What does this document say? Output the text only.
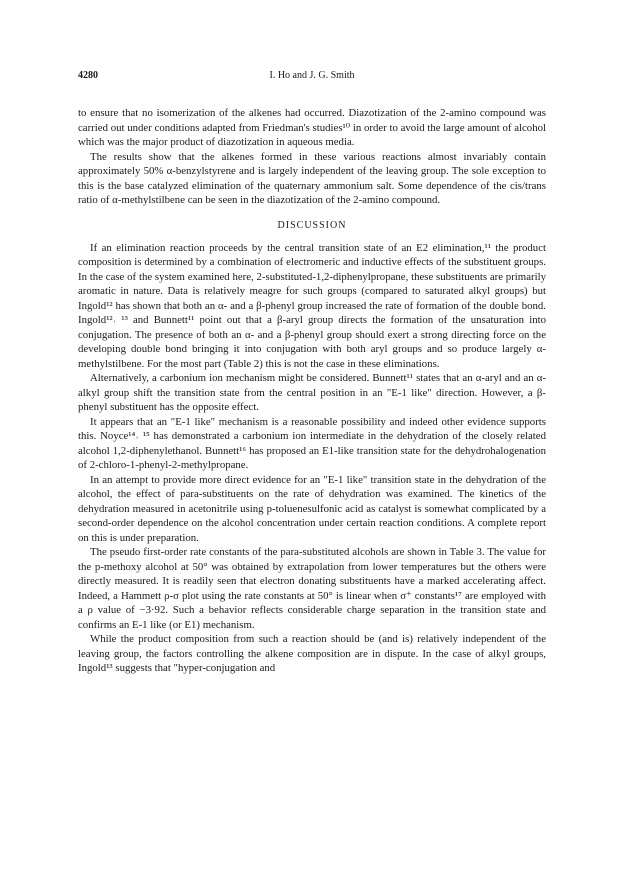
4280	I. Ho and J. G. Smith

to ensure that no isomerization of the alkenes had occurred. Diazotization of the 2-amino compound was carried out under conditions adapted from Friedman's studies¹⁰ in order to avoid the large amount of alcohol which was the major product of diazotization in aqueous media.

The results show that the alkenes formed in these various reactions almost invariably contain approximately 50% α-benzylstyrene and is largely independent of the leaving group. The sole exception to this is the base catalyzed elimination of the quaternary ammonium salt. Some dependence of the cis/trans ratio of α-methylstilbene can be seen in the diazotization of the 2-amino compound.

DISCUSSION

If an elimination reaction proceeds by the central transition state of an E2 elimination,¹¹ the product composition is determined by a combination of electromeric and inductive effects of the substituent groups. In the case of the system examined here, 2-substituted-1,2-diphenylpropane, these substituents are primarily aromatic in nature. Data is relatively meagre for such groups (compared to saturated alkyl groups) but Ingold¹² has shown that both an α- and a β-phenyl group increased the rate of formation of the double bond. Ingold¹²˒ ¹³ and Bunnett¹¹ point out that a β-aryl group directs the formation of the unsaturation into conjugation. The presence of both an α- and a β-phenyl group should exert a strong directing force on the developing double bond bringing it into conjugation with both aryl groups and so produce largely α-methylstilbene. For the most part (Table 2) this is not the case in these eliminations.

Alternatively, a carbonium ion mechanism might be considered. Bunnett¹¹ states that an α-aryl and an α-alkyl group shift the transition state from the central position in an "E-1 like" direction. However, a β-phenyl substituent has the opposite effect.

It appears that an "E-1 like" mechanism is a reasonable possibility and indeed other evidence supports this. Noyce¹⁴˒ ¹⁵ has demonstrated a carbonium ion intermediate in the dehydration of the closely related alcohol 1,2-diphenylethanol. Bunnett¹⁶ has proposed an E1-like transition state for the dehydrohalogenation of 2-chloro-1-phenyl-2-methylpropane.

In an attempt to provide more direct evidence for an "E-1 like" transition state in the dehydration of the alcohol, the effect of para-substituents on the rate of dehydration was examined. The kinetics of the dehydration measured in acetonitrile using p-toluenesulfonic acid as catalyst is somewhat complicated by a second-order dependence on the alcohol concentration under certain reaction conditions. A complete report on this is under preparation.

The pseudo first-order rate constants of the para-substituted alcohols are shown in Table 3. The value for the p-methoxy alcohol at 50° was obtained by extrapolation from lower temperatures but the others were directly measured. It is readily seen that electron donating substituents have a marked accelerating affect. Indeed, a Hammett ρ-σ plot using the rate constants at 50° is linear when σ⁺ constants¹⁷ are employed with a ρ value of −3·92. Such a behavior reflects considerable charge separation in the transition state and confirms an E-1 like (or E1) mechanism.

While the product composition from such a reaction should be (and is) relatively independent of the leaving group, the factors controlling the alkene composition are in dispute. In the case of alkyl groups, Ingold¹³ suggests that "hyper-conjugation and
